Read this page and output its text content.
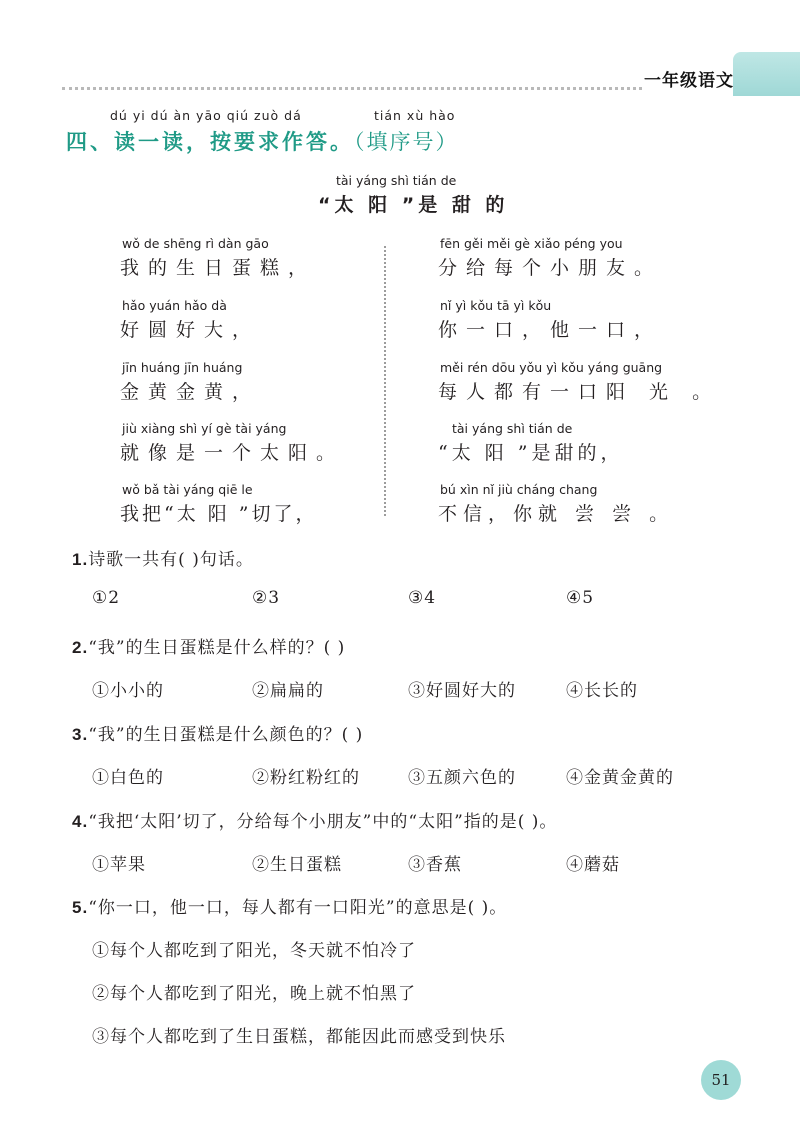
一年级语文
dú yi dú àn yāo qiú zuò dá	tián xù hào
四、读一读，按要求作答。（填序号）
tài yáng shì tián de
“太 阳 ”是 甜 的
wǒ de shēng rì dàn gāo
我的生日蛋糕，
hǎo yuán hǎo dà
好圆好大，
jīn huáng jīn huáng
金黄金黄，
jiù xiàng shì yí gè tài yáng
就像是一个太阳。
wǒ bǎ tài yáng qiē le
我把“太 阳 ”切了，
fēn gěi měi gè xiǎo péng you
分给每个小朋友。
nǐ yì kǒu tā yì kǒu
你一口，他一口，
měi rén dōu yǒu yì kǒu yáng guāng
每人都有一口阳 光 。
tài yáng shì tián de
“太 阳 ”是甜的，
bú xìn nǐ jiù cháng chang
不信，你就 尝 尝 。
1.诗歌一共有( )句话。
①2	②3	③4	④5
2.“我”的生日蛋糕是什么样的？( )
①小小的	②扁扁的	③好圆好大的	④长长的
3.“我”的生日蛋糕是什么颜色的？( )
①白色的	②粉红粉红的	③五颜六色的	④金黄金黄的
4.“我把‘太阳’切了，分给每个小朋友”中的“太阳”指的是( )。
①苹果	②生日蛋糕	③香蕉	④蘑菇
5.“你一口，他一口，每人都有一口阳光”的意思是( )。
①每个人都吃到了阳光，冬天就不怕冷了
②每个人都吃到了阳光，晚上就不怕黑了
③每个人都吃到了生日蛋糕，都能因此而感受到快乐
51
